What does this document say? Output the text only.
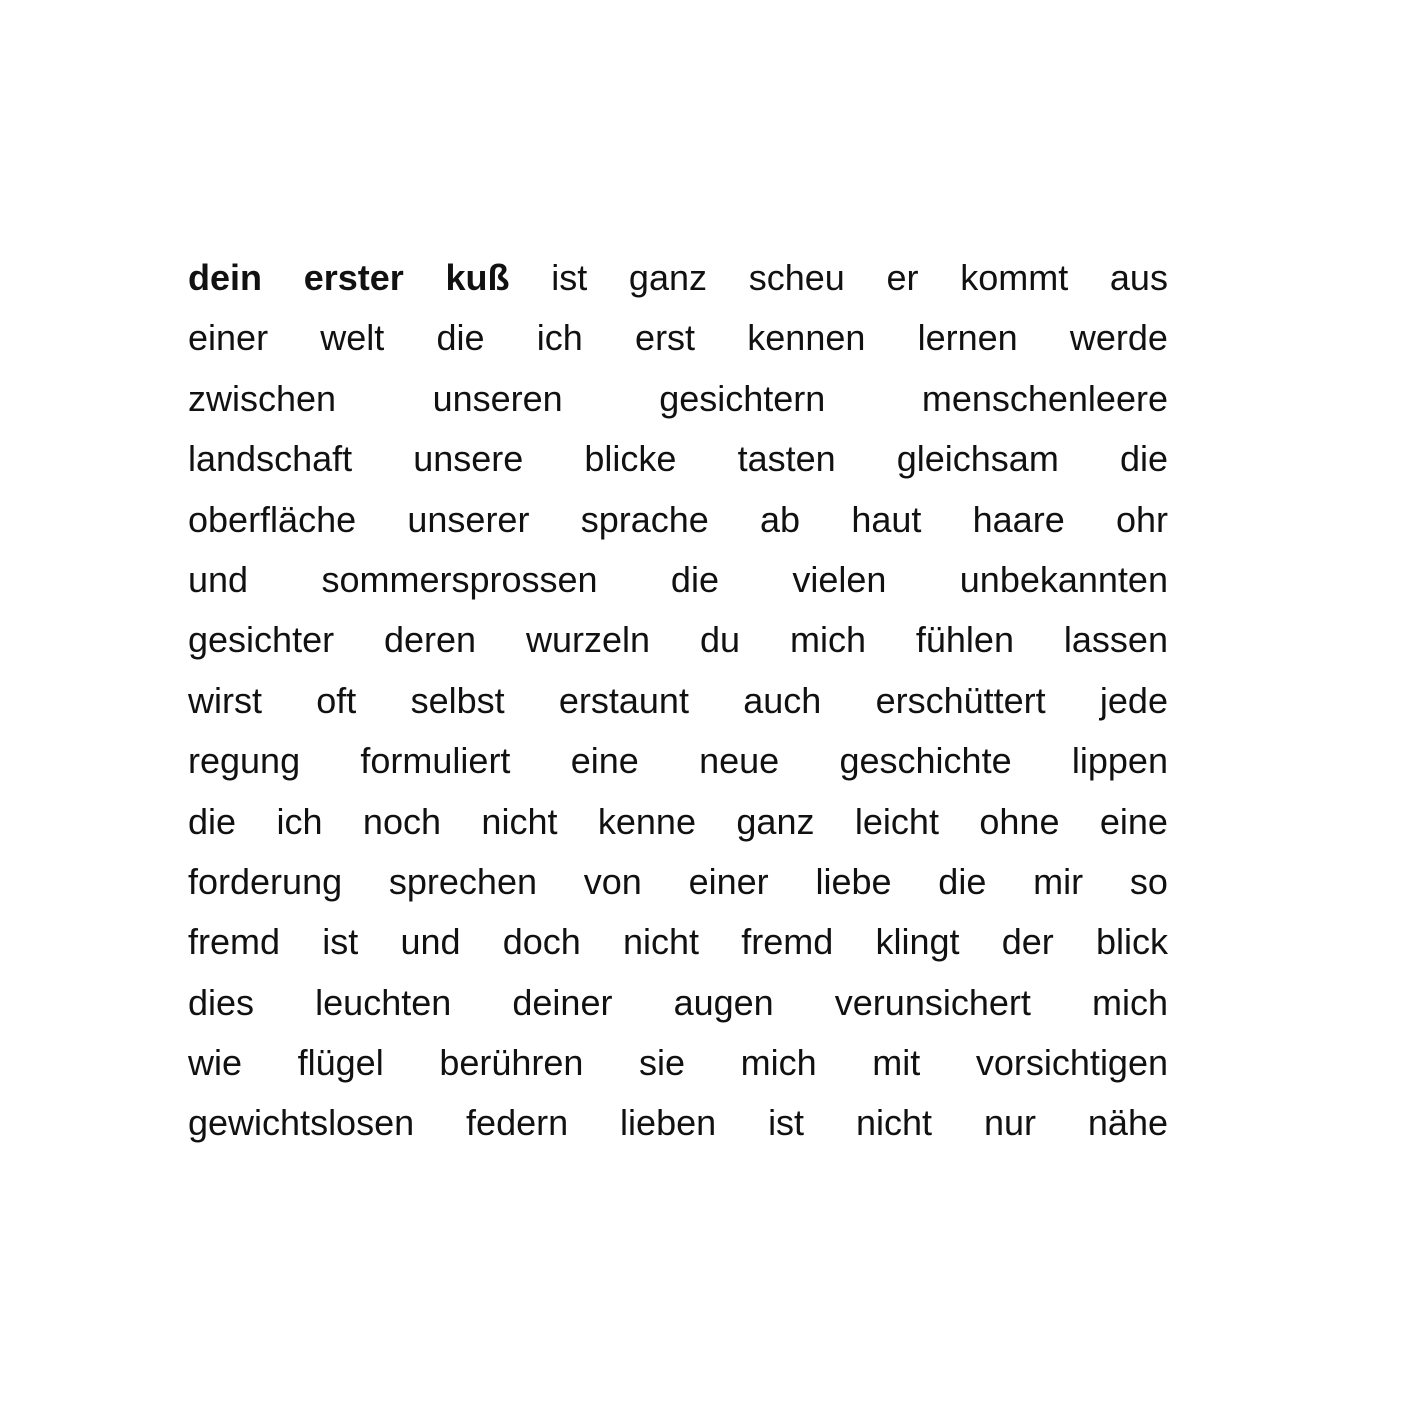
dein erster kuß ist ganz scheu er kommt aus
einer welt die ich erst kennen lernen werde
zwischen	unseren	gesichtern	menschenleere
landschaft unsere blicke tasten gleichsam die
oberfläche unserer sprache ab haut haare ohr
und sommersprossen die vielen unbekannten
gesichter deren wurzeln du mich fühlen lassen
wirst oft selbst erstaunt auch erschüttert jede
regung formuliert eine neue geschichte lippen
die ich noch nicht kenne ganz leicht ohne eine
forderung sprechen von einer liebe die mir so
fremd ist und doch nicht fremd klingt der blick
dies leuchten deiner augen verunsichert mich
wie flügel berühren sie mich mit vorsichtigen
gewichtslosen federn lieben ist nicht nur nähe
